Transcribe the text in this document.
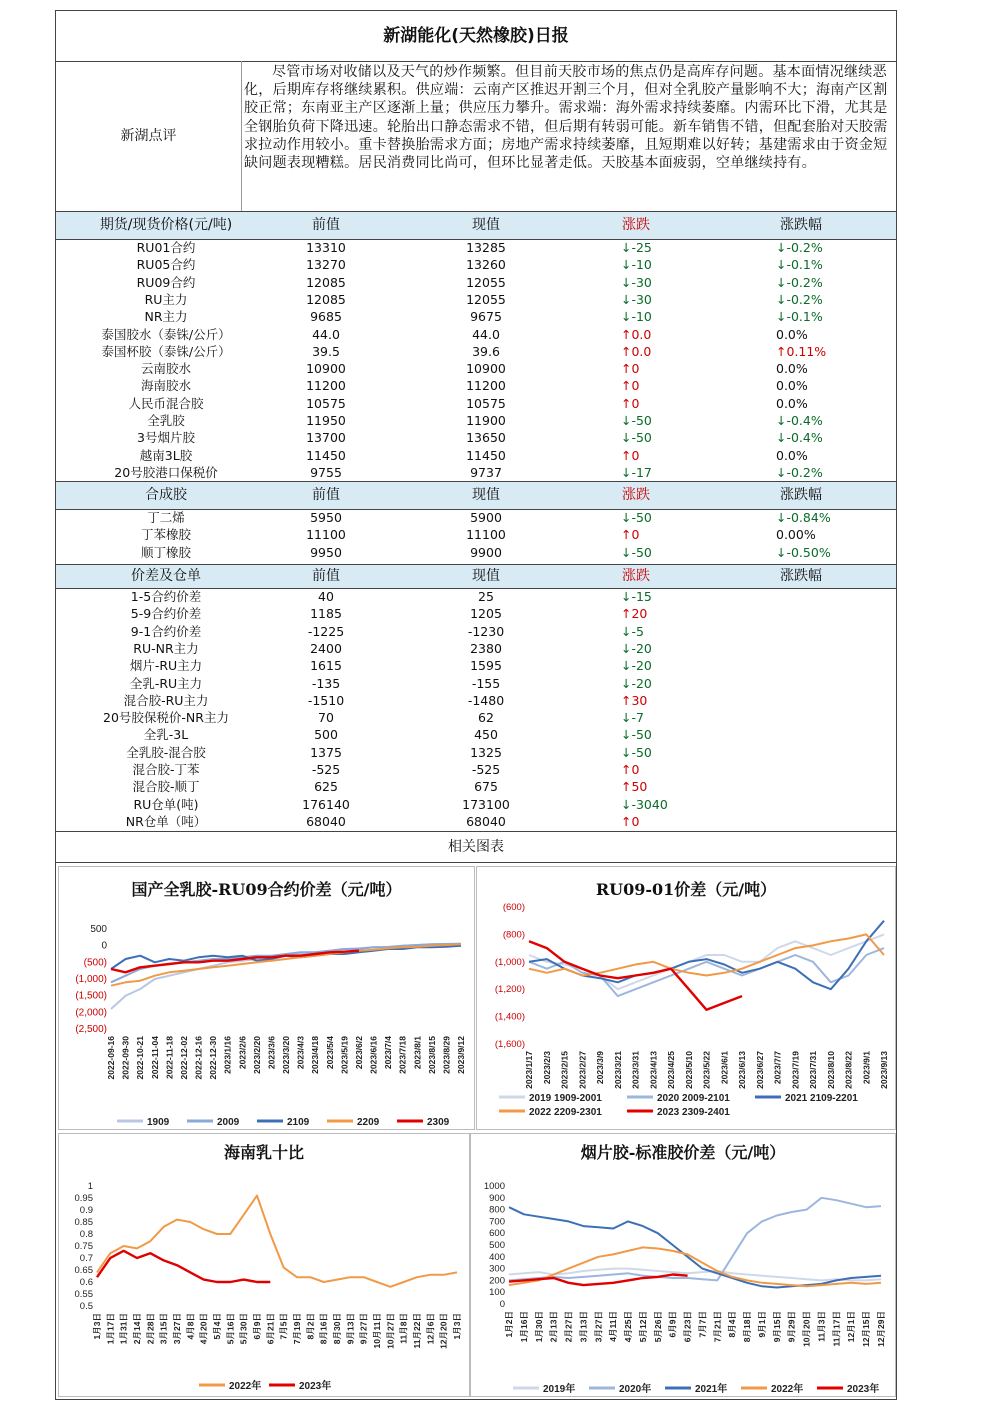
新湖能化(天然橡胶)日报
新湖点评
尽管市场对收储以及天气的炒作频繁。但目前天胶市场的焦点仍是高库存问题。基本面情况继续恶化，后期库存将继续累积。供应端：云南产区推迟开割三个月，但对全乳胶产量影响不大；海南产区割胶正常；东南亚主产区逐渐上量；供应压力攀升。需求端：海外需求持续萎靡。内需环比下滑，尤其是全钢胎负荷下降迅速。轮胎出口静态需求不错，但后期有转弱可能。新车销售不错，但配套胎对天胶需求拉动作用较小。重卡替换胎需求方面；房地产需求持续萎靡，且短期难以好转；基建需求由于资金短缺问题表现糟糕。居民消费同比尚可，但环比显著走低。天胶基本面疲弱，空单继续持有。
期货/现货价格(元/吨)	前值	现值	涨跌	涨跌幅
RU01合约	13310	13285	↓-25	↓-0.2%
RU05合约	13270	13260	↓-10	↓-0.1%
RU09合约	12085	12055	↓-30	↓-0.2%
RU主力	12085	12055	↓-30	↓-0.2%
NR主力	9685	9675	↓-10	↓-0.1%
泰国胶水（泰铢/公斤）	44.0	44.0	↑0.0	0.0%
泰国杯胶（泰铢/公斤）	39.5	39.6	↑0.0	↑0.11%
云南胶水	10900	10900	↑0	0.0%
海南胶水	11200	11200	↑0	0.0%
人民币混合胶	10575	10575	↑0	0.0%
全乳胶	11950	11900	↓-50	↓-0.4%
3号烟片胶	13700	13650	↓-50	↓-0.4%
越南3L胶	11450	11450	↑0	0.0%
20号胶港口保税价	9755	9737	↓-17	↓-0.2%
合成胶	前值	现值	涨跌	涨跌幅
丁二烯	5950	5900	↓-50	↓-0.84%
丁苯橡胶	11100	11100	↑0	0.00%
顺丁橡胶	9950	9900	↓-50	↓-0.50%
价差及仓单	前值	现值	涨跌	涨跌幅
1-5合约价差	40	25	↓-15
5-9合约价差	1185	1205	↑20
9-1合约价差	-1225	-1230	↓-5
RU-NR主力	2400	2380	↓-20
烟片-RU主力	1615	1595	↓-20
全乳-RU主力	-135	-155	↓-20
混合胶-RU主力	-1510	-1480	↑30
20号胶保税价-NR主力	70	62	↓-7
全乳-3L	500	450	↓-50
全乳胶-混合胶	1375	1325	↓-50
混合胶-丁苯	-525	-525	↑0
混合胶-顺丁	625	675	↑50
RU仓单(吨)	176140	173100	↓-3040
NR仓单（吨）	68040	68040	↑0
相关图表
国产全乳胶-RU09合约价差（元/吨）
500
0
(500)
(1,000)
(1,500)
(2,000)
(2,500)
2022-09-16 2022-09-30 2022-10-21 2022-11-04 2022-11-18 2022-12-02 2022-12-16 2022-12-30 2023/1/16 2023/2/6 2023/2/20 2023/3/6 2023/3/20 2023/4/3 2023/4/18 2023/5/4 2023/5/19 2023/6/2 2023/6/16 2023/7/4 2023/7/18 2023/8/1 2023/8/15 2023/8/29 2023/9/12
1909	2009	2109	2209	2309
RU09-01价差（元/吨）
(600)
(800)
(1,000)
(1,200)
(1,400)
(1,600)
2023/1/17 2023/2/3 2023/2/15 2023/2/27 2023/3/9 2023/3/21 2023/3/31 2023/4/13 2023/4/25 2023/5/10 2023/5/22 2023/6/1 2023/6/13 2023/6/27 2023/7/7 2023/7/19 2023/7/31 2023/8/10 2023/8/22 2023/9/1 2023/9/13
2019 1909-2001	2020 2009-2101	2021 2109-2201
2022 2209-2301	2023 2309-2401
海南乳十比
1
0.95
0.9
0.85
0.8
0.75
0.7
0.65
0.6
0.55
0.5
1月3日 1月17日 1月31日 2月14日 2月28日 3月15日 3月27日 4月8日 4月20日 5月4日 5月16日 5月30日 6月9日 6月21日 7月5日 7月19日 8月2日 8月16日 8月30日 9月13日 9月27日 10月11日 10月27日 11月8日 11月22日 12月6日 12月20日 1月3日
2022年	2023年
烟片胶-标准胶价差（元/吨）
1000
900
800
700
600
500
400
300
200
100
0
1月2日 1月16日 1月30日 2月13日 2月27日 3月13日 3月27日 4月11日 4月25日 5月12日 5月26日 6月9日 6月23日 7月7日 7月21日 8月4日 8月18日 9月1日 9月15日 9月29日 10月20日 11月3日 11月17日 12月1日 12月15日 12月29日
2019年	2020年	2021年	2022年	2023年
